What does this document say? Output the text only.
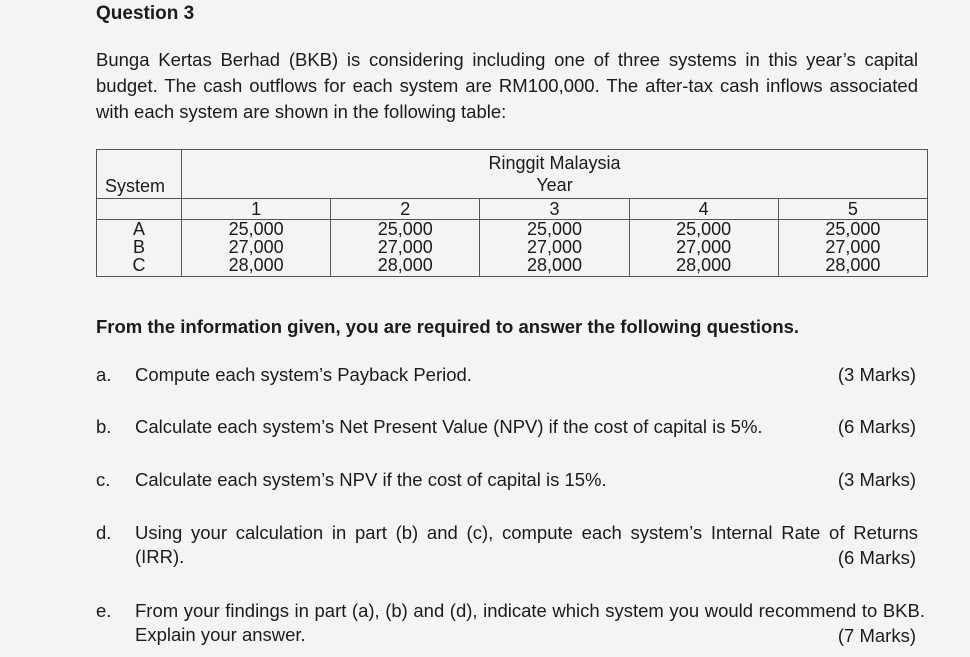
Question 3
Bunga Kertas Berhad (BKB) is considering including one of three systems in this year’s capital budget. The cash outflows for each system are RM100,000. The after-tax cash inflows associated with each system are shown in the following table:
System	Ringgit Malaysia
Year				

	1	2	3	4	5
A	25,000	25,000	25,000	25,000	25,000
B	27,000	27,000	27,000	27,000	27,000
C	28,000	28,000	28,000	28,000	28,000
From the information given, you are required to answer the following questions.
a. Compute each system’s Payback Period.	(3 Marks)
b. Calculate each system’s Net Present Value (NPV) if the cost of capital is 5%.	(6 Marks)
c. Calculate each system’s NPV if the cost of capital is 15%.	(3 Marks)
d. Using your calculation in part (b) and (c), compute each system’s Internal Rate of Returns (IRR).	(6 Marks)
e. From your findings in part (a), (b) and (d), indicate which system you would recommend to BKB. Explain your answer.	(7 Marks)
